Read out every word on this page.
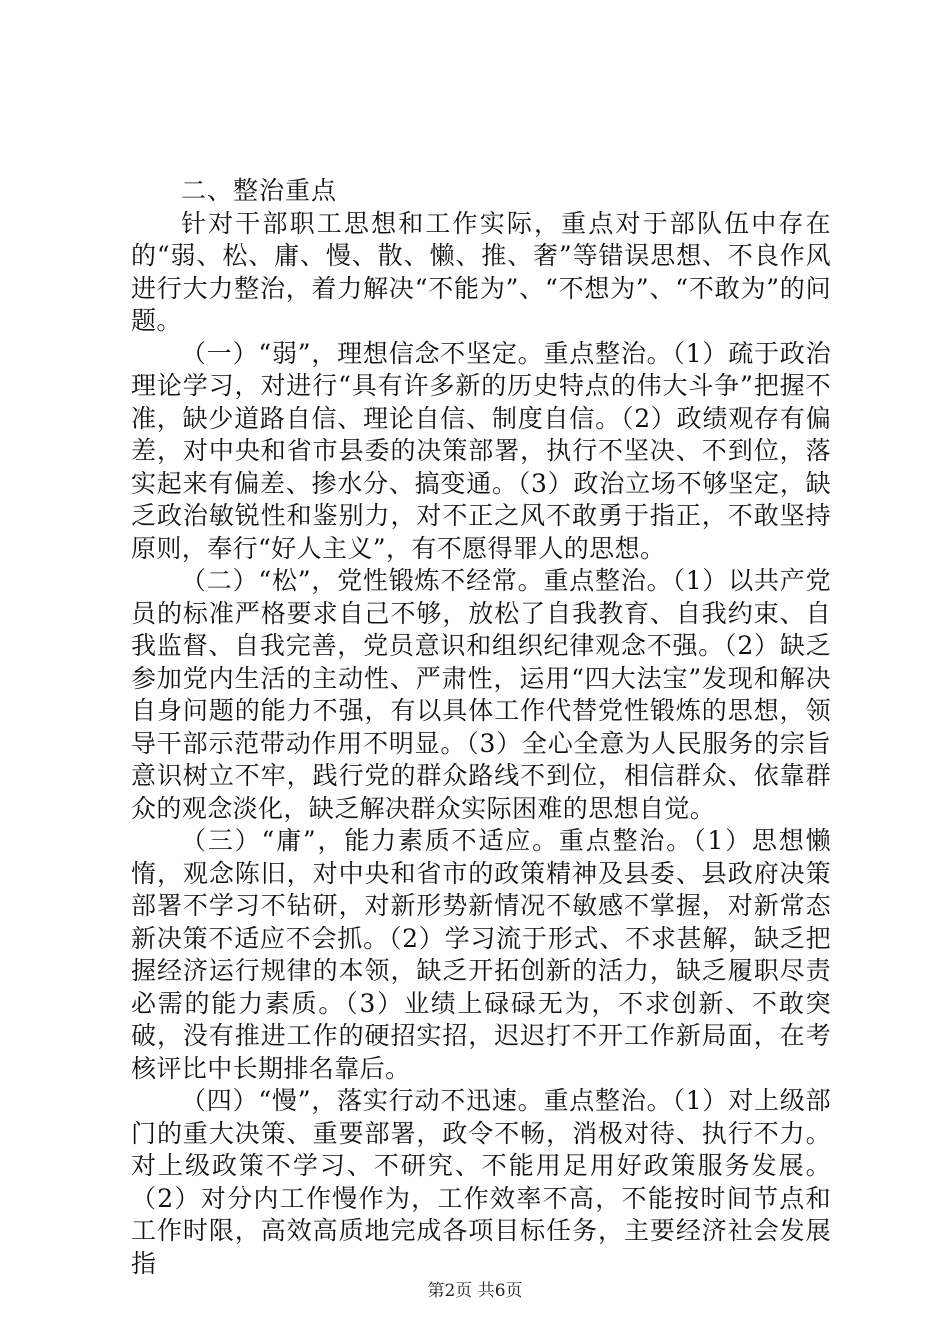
二、整治重点

针对干部职工思想和工作实际，重点对于部队伍中存在的“弱、松、庸、慢、散、懒、推、奢”等错误思想、不良作风进行大力整治，着力解决“不能为”、“不想为”、“不敢为”的问题。

（一）“弱”，理想信念不坚定。重点整治。（1）疏于政治理论学习，对进行“具有许多新的历史特点的伟大斗争”把握不准，缺少道路自信、理论自信、制度自信。（2）政绩观存有偏差，对中央和省市县委的决策部署，执行不坚决、不到位，落实起来有偏差、掺水分、搞变通。（3）政治立场不够坚定，缺乏政治敏锐性和鉴别力，对不正之风不敢勇于指正，不敢坚持原则，奉行“好人主义”，有不愿得罪人的思想。

（二）“松”，党性锻炼不经常。重点整治。（1）以共产党员的标准严格要求自己不够，放松了自我教育、自我约束、自我监督、自我完善，党员意识和组织纪律观念不强。（2）缺乏参加党内生活的主动性、严肃性，运用“四大法宝”发现和解决自身问题的能力不强，有以具体工作代替党性锻炼的思想，领导干部示范带动作用不明显。（3）全心全意为人民服务的宗旨意识树立不牢，践行党的群众路线不到位，相信群众、依靠群众的观念淡化，缺乏解决群众实际困难的思想自觉。

（三）“庸”，能力素质不适应。重点整治。（1）思想懒惰，观念陈旧，对中央和省市的政策精神及县委、县政府决策部署不学习不钻研，对新形势新情况不敏感不掌握，对新常态新决策不适应不会抓。（2）学习流于形式、不求甚解，缺乏把握经济运行规律的本领，缺乏开拓创新的活力，缺乏履职尽责必需的能力素质。（3）业绩上碌碌无为，不求创新、不敢突破，没有推进工作的硬招实招，迟迟打不开工作新局面，在考核评比中长期排名靠后。

（四）“慢”，落实行动不迅速。重点整治。（1）对上级部门的重大决策、重要部署，政令不畅，消极对待、执行不力。对上级政策不学习、不研究、不能用足用好政策服务发展。（2）对分内工作慢作为，工作效率不高，不能按时间节点和工作时限，高效高质地完成各项目标任务，主要经济社会发展指

第2页 共6页
